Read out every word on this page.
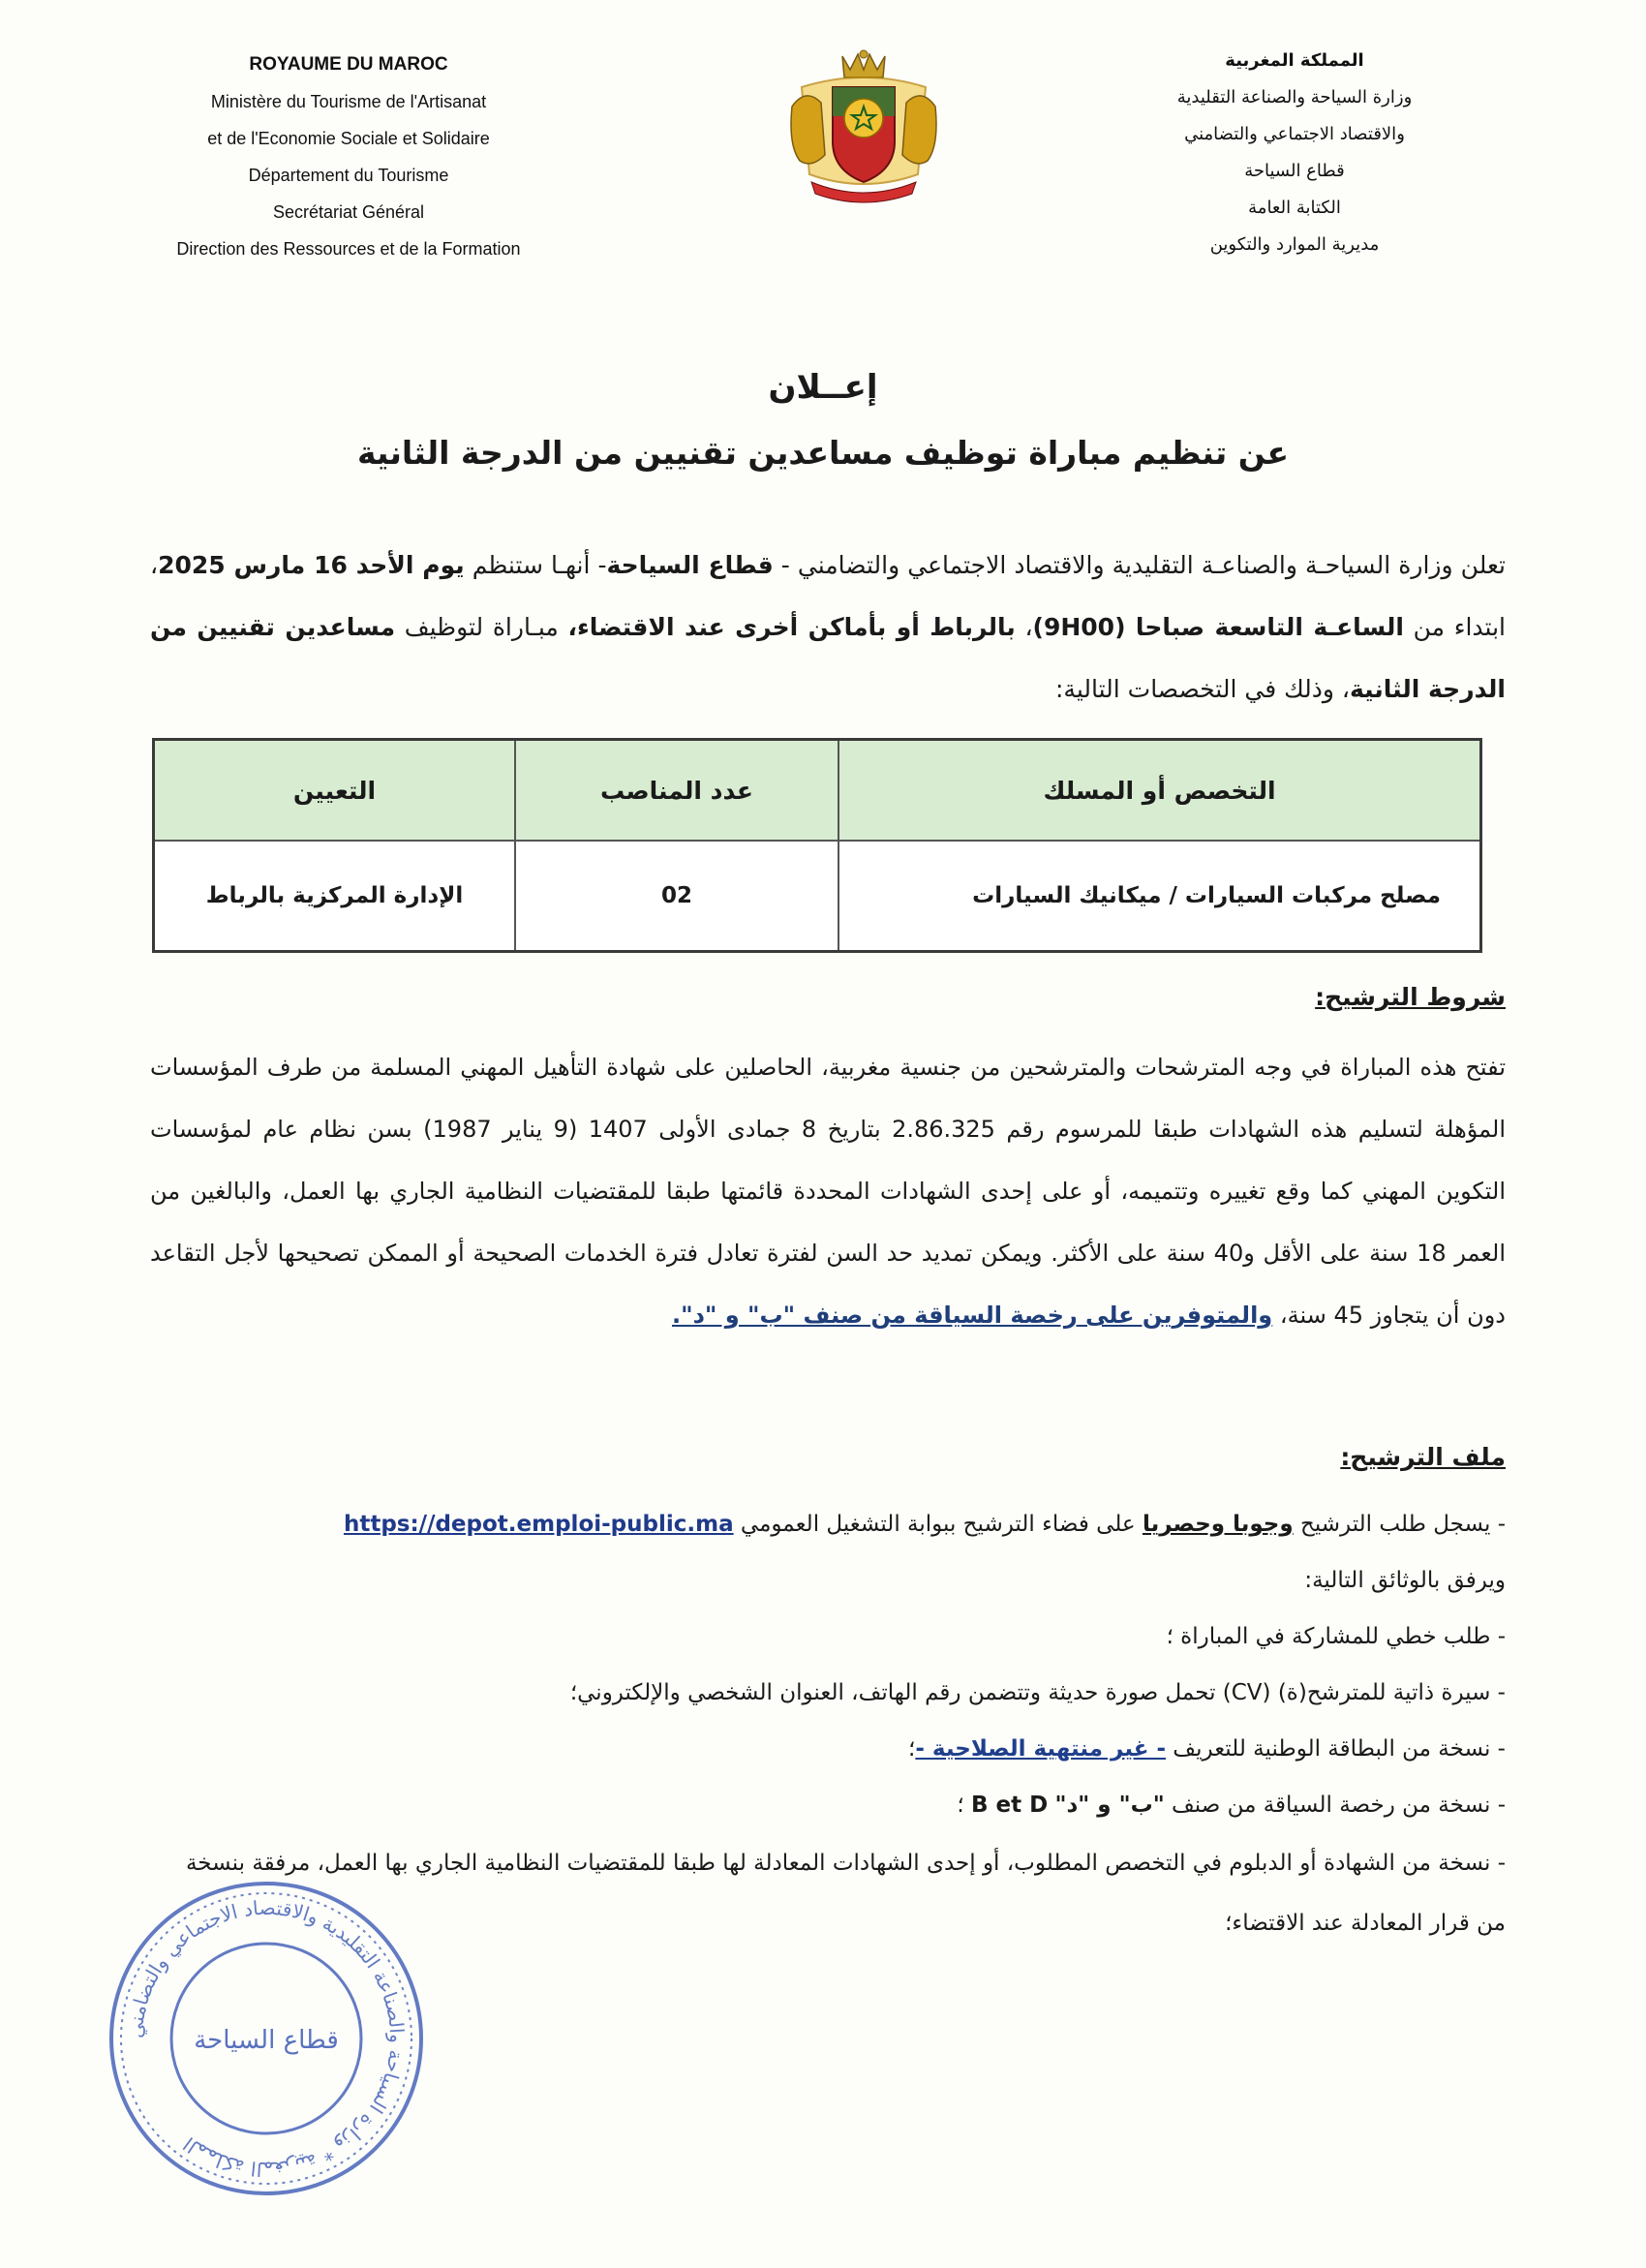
ROYAUME DU MAROC
Ministère du Tourisme de l'Artisanat
et de l'Economie Sociale et Solidaire
Département du Tourisme
Secrétariat Général
Direction des Ressources et de la Formation
المملكة المغربية
وزارة السياحة والصناعة التقليدية
والاقتصاد الاجتماعي والتضامني
قطاع السياحة
الكتابة العامة
مديرية الموارد والتكوين
إعــلان
عن تنظيم مباراة توظيف مساعدين تقنيين من الدرجة الثانية
تعلن وزارة السياحـة والصناعـة التقليدية والاقتصاد الاجتماعي والتضامني - قطاع السياحة- أنهـا ستنظم يوم الأحد 16 مارس 2025، ابتداء من الساعـة التاسعة صباحا (9H00)، بالرباط أو بأماكن أخرى عند الاقتضاء، مبـاراة لتوظيف مساعدين تقنيين من الدرجة الثانية، وذلك في التخصصات التالية:
التخصص أو المسلك	عدد المناصب	التعيين
مصلح مركبات السيارات / ميكانيك السيارات	02	الإدارة المركزية بالرباط
شروط الترشيح:
تفتح هذه المباراة في وجه المترشحات والمترشحين من جنسية مغربية، الحاصلين على شهادة التأهيل المهني المسلمة من طرف المؤسسات المؤهلة لتسليم هذه الشهادات طبقا للمرسوم رقم 2.86.325 بتاريخ 8 جمادى الأولى 1407 (9 يناير 1987) بسن نظام عام لمؤسسات التكوين المهني كما وقع تغييره وتتميمه، أو على إحدى الشهادات المحددة قائمتها طبقا للمقتضيات النظامية الجاري بها العمل، والبالغين من العمر 18 سنة على الأقل و40 سنة على الأكثر. ويمكن تمديد حد السن لفترة تعادل فترة الخدمات الصحيحة أو الممكن تصحيحها لأجل التقاعد دون أن يتجاوز 45 سنة، والمتوفرين على رخصة السياقة من صنف "ب" و "د".
ملف الترشيح:
- يسجل طلب الترشيح وجوبا وحصريا على فضاء الترشيح ببوابة التشغيل العمومي https://depot.emploi-public.ma
ويرفق بالوثائق التالية:
- طلب خطي للمشاركة في المباراة ؛
- سيرة ذاتية للمترشح(ة) (CV) تحمل صورة حديثة وتتضمن رقم الهاتف، العنوان الشخصي والإلكتروني؛
- نسخة من البطاقة الوطنية للتعريف - غير منتهية الصلاحية -؛
- نسخة من رخصة السياقة من صنف "ب" و "د" B et D ؛
- نسخة من الشهادة أو الدبلوم في التخصص المطلوب، أو إحدى الشهادات المعادلة لها طبقا للمقتضيات النظامية الجاري بها العمل، مرفقة بنسخة من قرار المعادلة عند الاقتضاء؛
المملكة المغربية * وزارة السياحة والصناعة التقليدية والاقتصاد الاجتماعي والتضامني
قطاع السياحة
